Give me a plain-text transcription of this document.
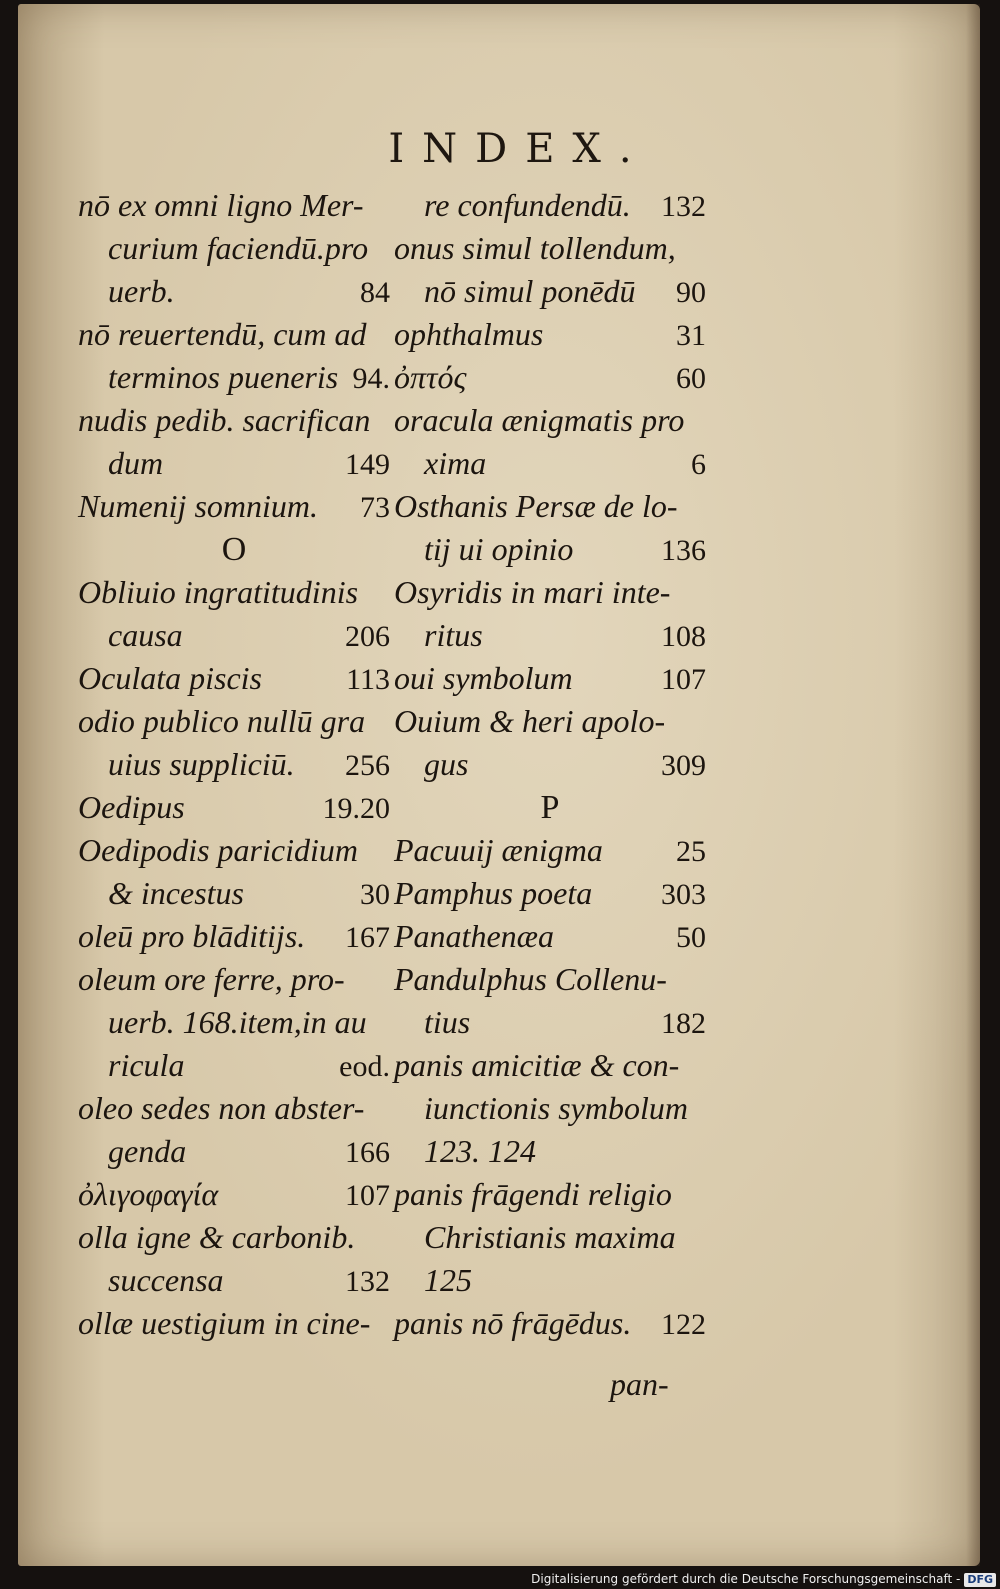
INDEX.
nō ex omni ligno Mer-
curium faciendū.pro
uerb.	84
nō reuertendū, cum ad
terminos pueneris 94.
nudis pedib. sacrifican
dum	149
Numenij somnium. 73
O
Obliuio ingratitudinis
causa	206
Oculata piscis	113
odio publico nullū gra
uius suppliciū. 256
Oedipus	19.20
Oedipodis paricidium
& incestus	30
oleū pro blāditijs. 167
oleum ore ferre, pro-
uerb. 168.item,in au
ricula	eod.
oleo sedes non abster-
genda	166
ὀλιγοφαγία	107
olla igne & carbonib.
succensa	132
ollæ uestigium in cine-
re confundendū. 132
onus simul tollendum,
nō simul ponēdū 90
ophthalmus	31
ὀπτός	60
oracula ænigmatis pro
xima	6
Osthanis Persæ de lo-
tij ui opinio	136
Osyridis in mari inte-
ritus	108
oui symbolum	107
Ouium & heri apolo-
gus	309
P
Pacuuij ænigma 25
Pamphus poeta 303
Panathenæa	50
Pandulphus Collenu-
tius	182
panis amicitiæ & con-
iunctionis symbolum
123. 124
panis frāgendi religio
Christianis maxima
125
panis nō frāgēdus. 122
pan-
Digitalisierung gefördert durch die Deutsche Forschungsgemeinschaft - DFG
